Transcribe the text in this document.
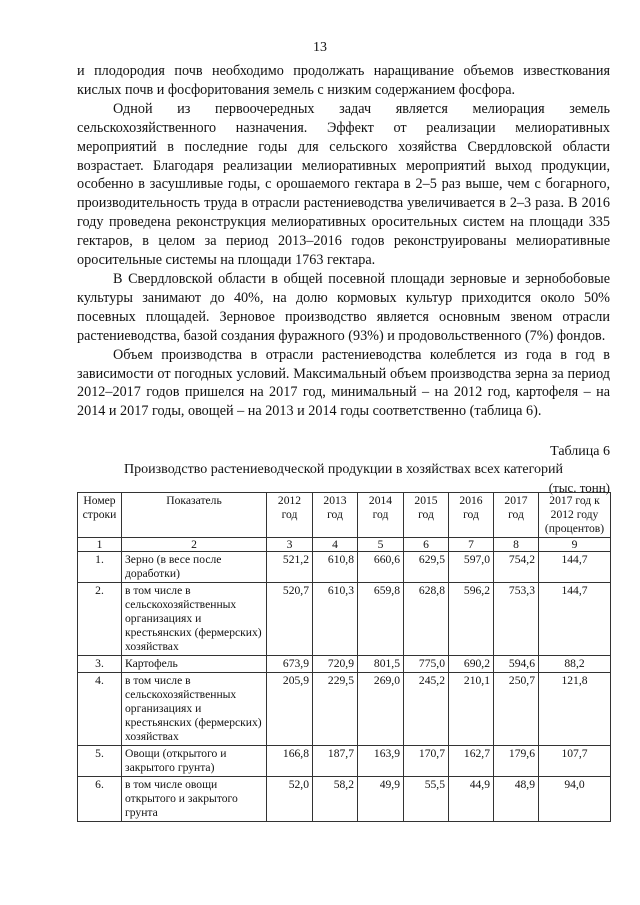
13

и плодородия почв необходимо продолжать наращивание объемов известкования кислых почв и фосфоритования земель с низким содержанием фосфора.

Одной из первоочередных задач является мелиорация земель сельскохозяйственного назначения. Эффект от реализации мелиоративных мероприятий в последние годы для сельского хозяйства Свердловской области возрастает. Благодаря реализации мелиоративных мероприятий выход продукции, особенно в засушливые годы, с орошаемого гектара в 2–5 раз выше, чем с богарного, производительность труда в отрасли растениеводства увеличивается в 2–3 раза. В 2016 году проведена реконструкция мелиоративных оросительных систем на площади 335 гектаров, в целом за период 2013–2016 годов реконструированы мелиоративные оросительные системы на площади 1763 гектара.

В Свердловской области в общей посевной площади зерновые и зернобобовые культуры занимают до 40%, на долю кормовых культур приходится около 50% посевных площадей. Зерновое производство является основным звеном отрасли растениеводства, базой создания фуражного (93%) и продовольственного (7%) фондов.

Объем производства в отрасли растениеводства колеблется из года в год в зависимости от погодных условий. Максимальный объем производства зерна за период 2012–2017 годов пришелся на 2017 год, минимальный – на 2012 год, картофеля – на 2014 и 2017 годы, овощей – на 2013 и 2014 годы соответственно (таблица 6).

Таблица 6
Производство растениеводческой продукции в хозяйствах всех категорий
(тыс. тонн)
Номер строки	Показатель	2012 год	2013 год	2014 год	2015 год	2016 год	2017 год	2017 год к 2012 году (процентов)
1	2	3	4	5	6	7	8	9
1.	Зерно (в весе после доработки)	521,2	610,8	660,6	629,5	597,0	754,2	144,7
2.	в том числе в сельскохозяйственных организациях и крестьянских (фермерских) хозяйствах	520,7	610,3	659,8	628,8	596,2	753,3	144,7
3.	Картофель	673,9	720,9	801,5	775,0	690,2	594,6	88,2
4.	в том числе в сельскохозяйственных организациях и крестьянских (фермерских) хозяйствах	205,9	229,5	269,0	245,2	210,1	250,7	121,8
5.	Овощи (открытого и закрытого грунта)	166,8	187,7	163,9	170,7	162,7	179,6	107,7
6.	в том числе овощи открытого и закрытого грунта	52,0	58,2	49,9	55,5	44,9	48,9	94,0
